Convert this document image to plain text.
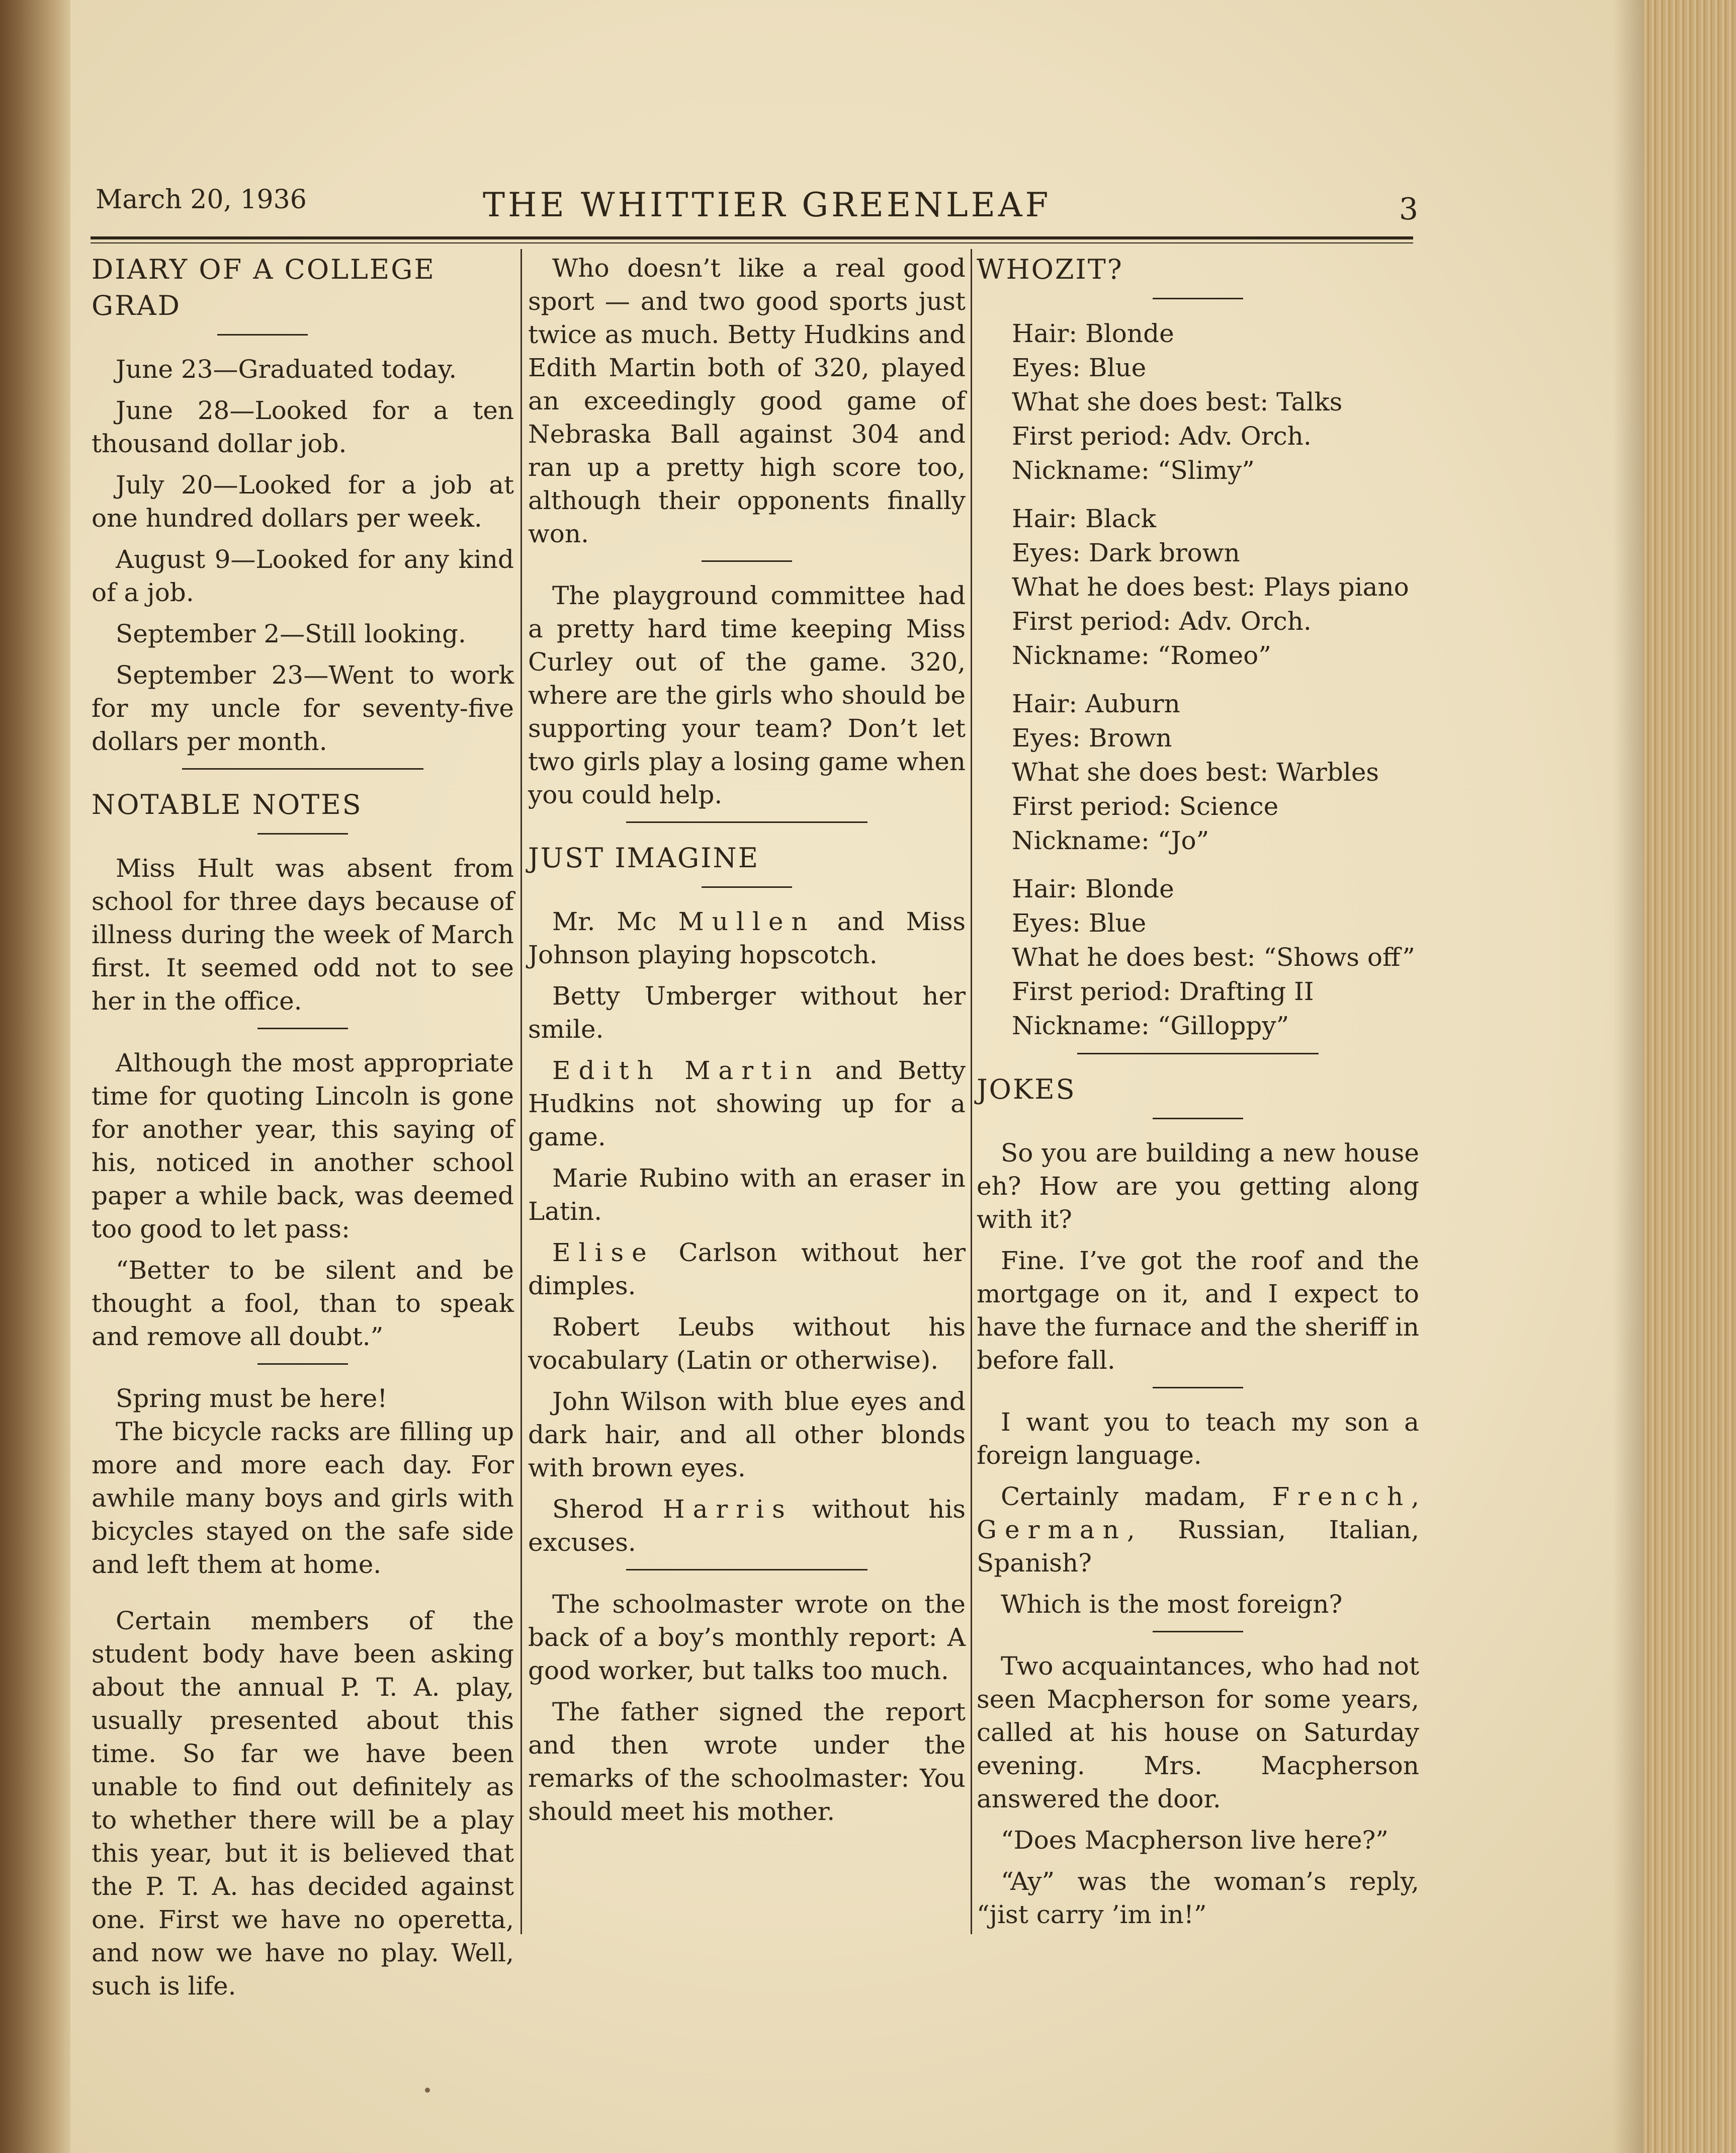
March 20, 1936	THE WHITTIER GREENLEAF	3

DIARY OF A COLLEGE GRAD

June 23—Graduated today.

June 28—Looked for a ten thousand dollar job.

July 20—Looked for a job at one hundred dollars per week.

August 9—Looked for any kind of a job.

September 2—Still looking.

September 23—Went to work for my uncle for seventy-five dollars per month.

NOTABLE NOTES

Miss Hult was absent from school for three days because of illness during the week of March first. It seemed odd not to see her in the office.

Although the most appropriate time for quoting Lincoln is gone for another year, this saying of his, noticed in another school paper a while back, was deemed too good to let pass:

“Better to be silent and be thought a fool, than to speak and remove all doubt.”

Spring must be here!

The bicycle racks are filling up more and more each day. For awhile many boys and girls with bicycles stayed on the safe side and left them at home.

Certain members of the student body have been asking about the annual P. T. A. play, usually presented about this time. So far we have been unable to find out definitely as to whether there will be a play this year, but it is believed that the P. T. A. has decided against one. First we have no operetta, and now we have no play. Well, such is life.

Who doesn’t like a real good sport — and two good sports just twice as much. Betty Hudkins and Edith Martin both of 320, played an exceedingly good game of Nebraska Ball against 304 and ran up a pretty high score too, although their opponents finally won.

The playground committee had a pretty hard time keeping Miss Curley out of the game. 320, where are the girls who should be supporting your team? Don’t let two girls play a losing game when you could help.

JUST IMAGINE

Mr. Mc Mullen and Miss Johnson playing hopscotch.

Betty Umberger without her smile.

Edith Martin and Betty Hudkins not showing up for a game.

Marie Rubino with an eraser in Latin.

Elise Carlson without her dimples.

Robert Leubs without his vocabulary (Latin or otherwise).

John Wilson with blue eyes and dark hair, and all other blonds with brown eyes.

Sherod Harris without his excuses.

The schoolmaster wrote on the back of a boy’s monthly report: A good worker, but talks too much.

The father signed the report and then wrote under the remarks of the schoolmaster: You should meet his mother.

WHOZIT?

Hair: Blonde

Eyes: Blue

What she does best: Talks

First period: Adv. Orch.

Nickname: “Slimy”

Hair: Black

Eyes: Dark brown

What he does best: Plays piano

First period: Adv. Orch.

Nickname: “Romeo”

Hair: Auburn

Eyes: Brown

What she does best: Warbles

First period: Science

Nickname: “Jo”

Hair: Blonde

Eyes: Blue

What he does best: “Shows off”

First period: Drafting II

Nickname: “Gilloppy”

JOKES

So you are building a new house eh? How are you getting along with it?

Fine. I’ve got the roof and the mortgage on it, and I expect to have the furnace and the sheriff in before fall.

I want you to teach my son a foreign language.

Certainly madam, French, German, Russian, Italian, Spanish?

Which is the most foreign?

Two acquaintances, who had not seen Macpherson for some years, called at his house on Saturday evening. Mrs. Macpherson answered the door.

“Does Macpherson live here?”

“Ay” was the woman’s reply, “jist carry ’im in!”
